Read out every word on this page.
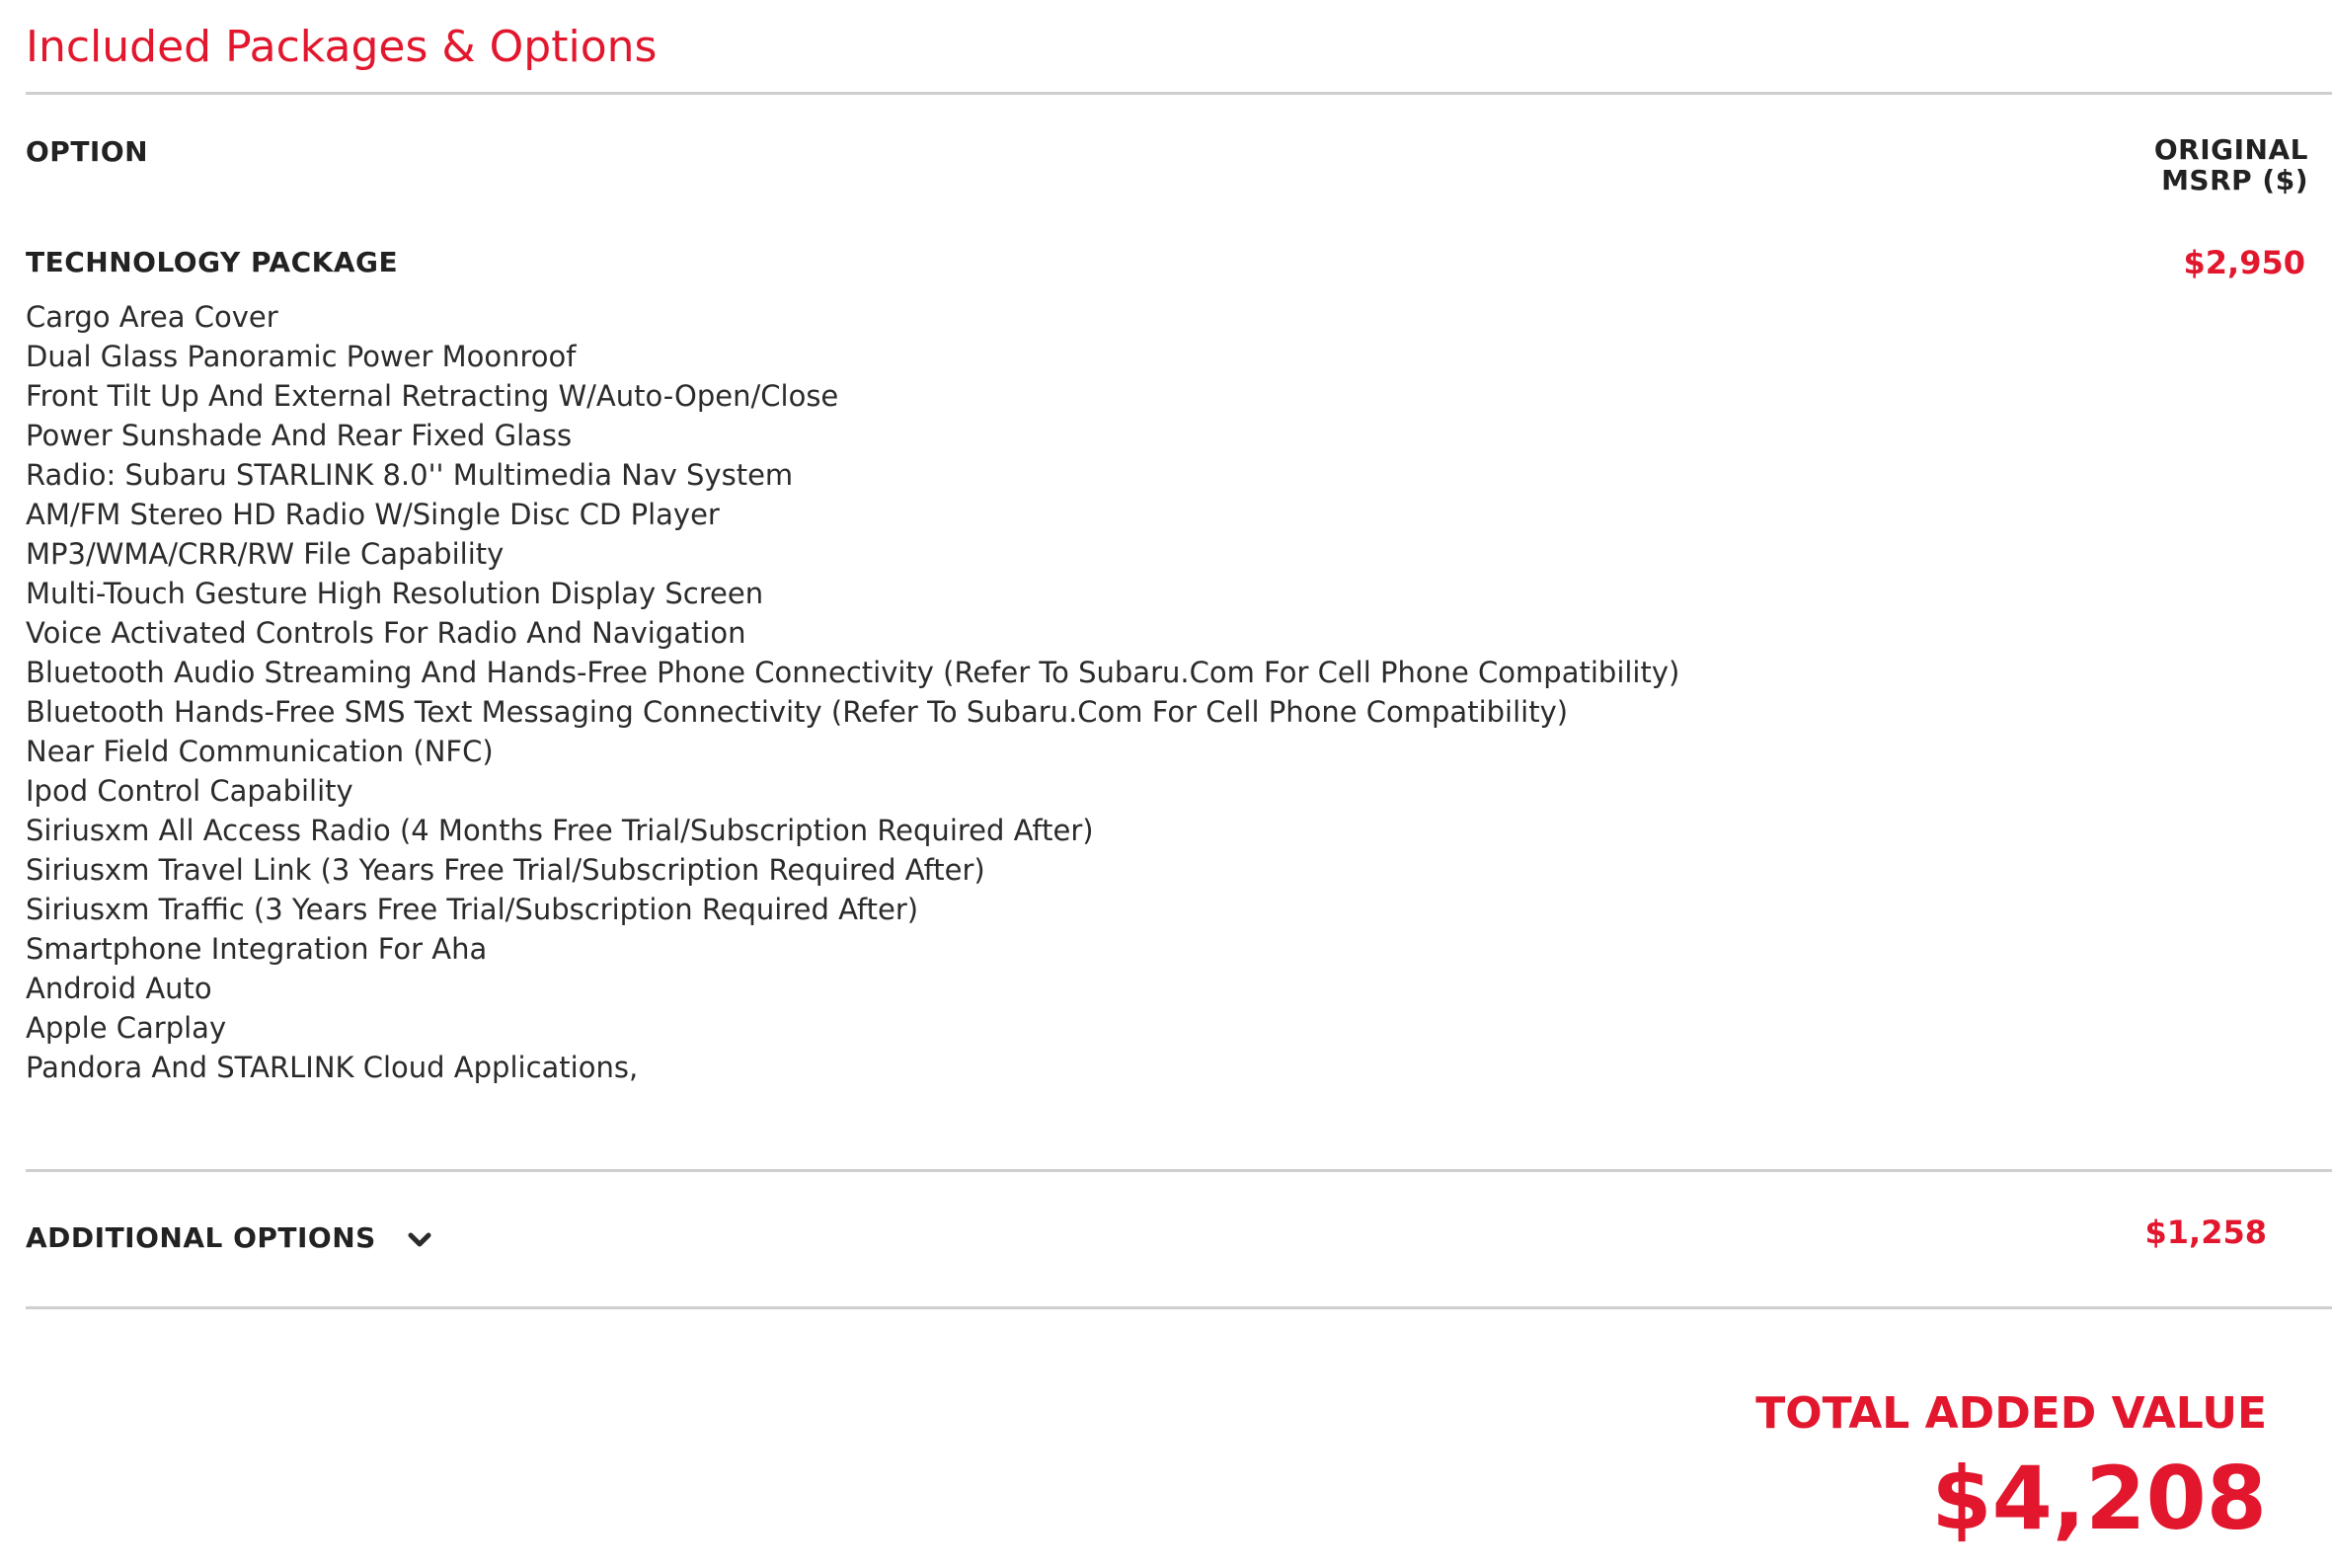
Included Packages & Options
OPTION	ORIGINAL
MSRP ($)
TECHNOLOGY PACKAGE	$2,950
Cargo Area Cover
Dual Glass Panoramic Power Moonroof
Front Tilt Up And External Retracting W/Auto-Open/Close
Power Sunshade And Rear Fixed Glass
Radio: Subaru STARLINK 8.0'' Multimedia Nav System
AM/FM Stereo HD Radio W/Single Disc CD Player
MP3/WMA/CRR/RW File Capability
Multi-Touch Gesture High Resolution Display Screen
Voice Activated Controls For Radio And Navigation
Bluetooth Audio Streaming And Hands-Free Phone Connectivity (Refer To Subaru.Com For Cell Phone Compatibility)
Bluetooth Hands-Free SMS Text Messaging Connectivity (Refer To Subaru.Com For Cell Phone Compatibility)
Near Field Communication (NFC)
Ipod Control Capability
Siriusxm All Access Radio (4 Months Free Trial/Subscription Required After)
Siriusxm Travel Link (3 Years Free Trial/Subscription Required After)
Siriusxm Traffic (3 Years Free Trial/Subscription Required After)
Smartphone Integration For Aha
Android Auto
Apple Carplay
Pandora And STARLINK Cloud Applications,
ADDITIONAL OPTIONS	$1,258
TOTAL ADDED VALUE
$4,208
